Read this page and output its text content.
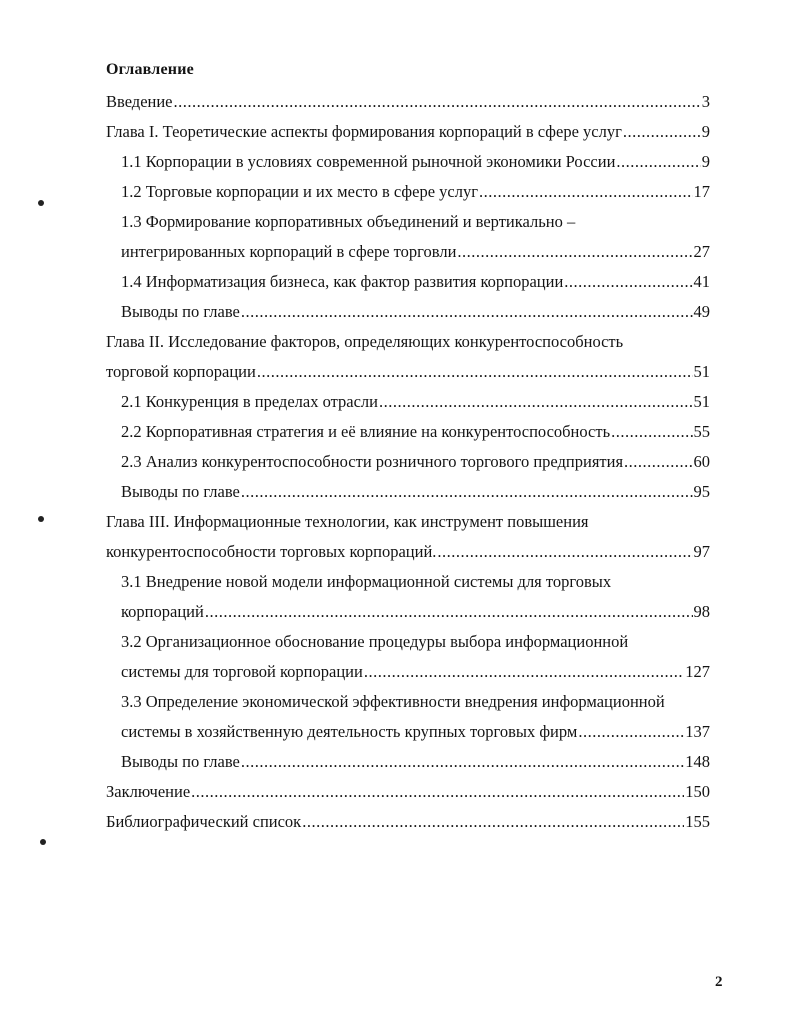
Оглавление
Введение .....	3
Глава I. Теоретические аспекты формирования корпораций в сфере услуг .....	9
1.1 Корпорации в условиях современной рыночной экономики России .....	9
1.2 Торговые корпорации и их место в сфере услуг .....	17
1.3 Формирование корпоративных объединений и вертикально –
интегрированных корпораций в сфере торговли .....	27
1.4 Информатизация бизнеса, как фактор развития корпорации .....	41
Выводы по главе .....	49
Глава II. Исследование факторов, определяющих конкурентоспособность
торговой корпорации .....	51
2.1 Конкуренция в пределах отрасли .....	51
2.2 Корпоративная стратегия и её влияние на конкурентоспособность .....	55
2.3 Анализ конкурентоспособности розничного торгового предприятия .....	60
Выводы по главе .....	95
Глава III. Информационные технологии, как инструмент повышения
конкурентоспособности торговых корпораций. .....	97
3.1 Внедрение новой модели информационной системы для торговых
корпораций .....	98
3.2 Организационное обоснование процедуры выбора информационной
системы для торговой корпорации .....	127
3.3 Определение экономической эффективности внедрения информационной
системы в хозяйственную деятельность крупных торговых фирм .....	137
Выводы по главе .....	148
Заключение .....	150
Библиографический список .....	155
2
